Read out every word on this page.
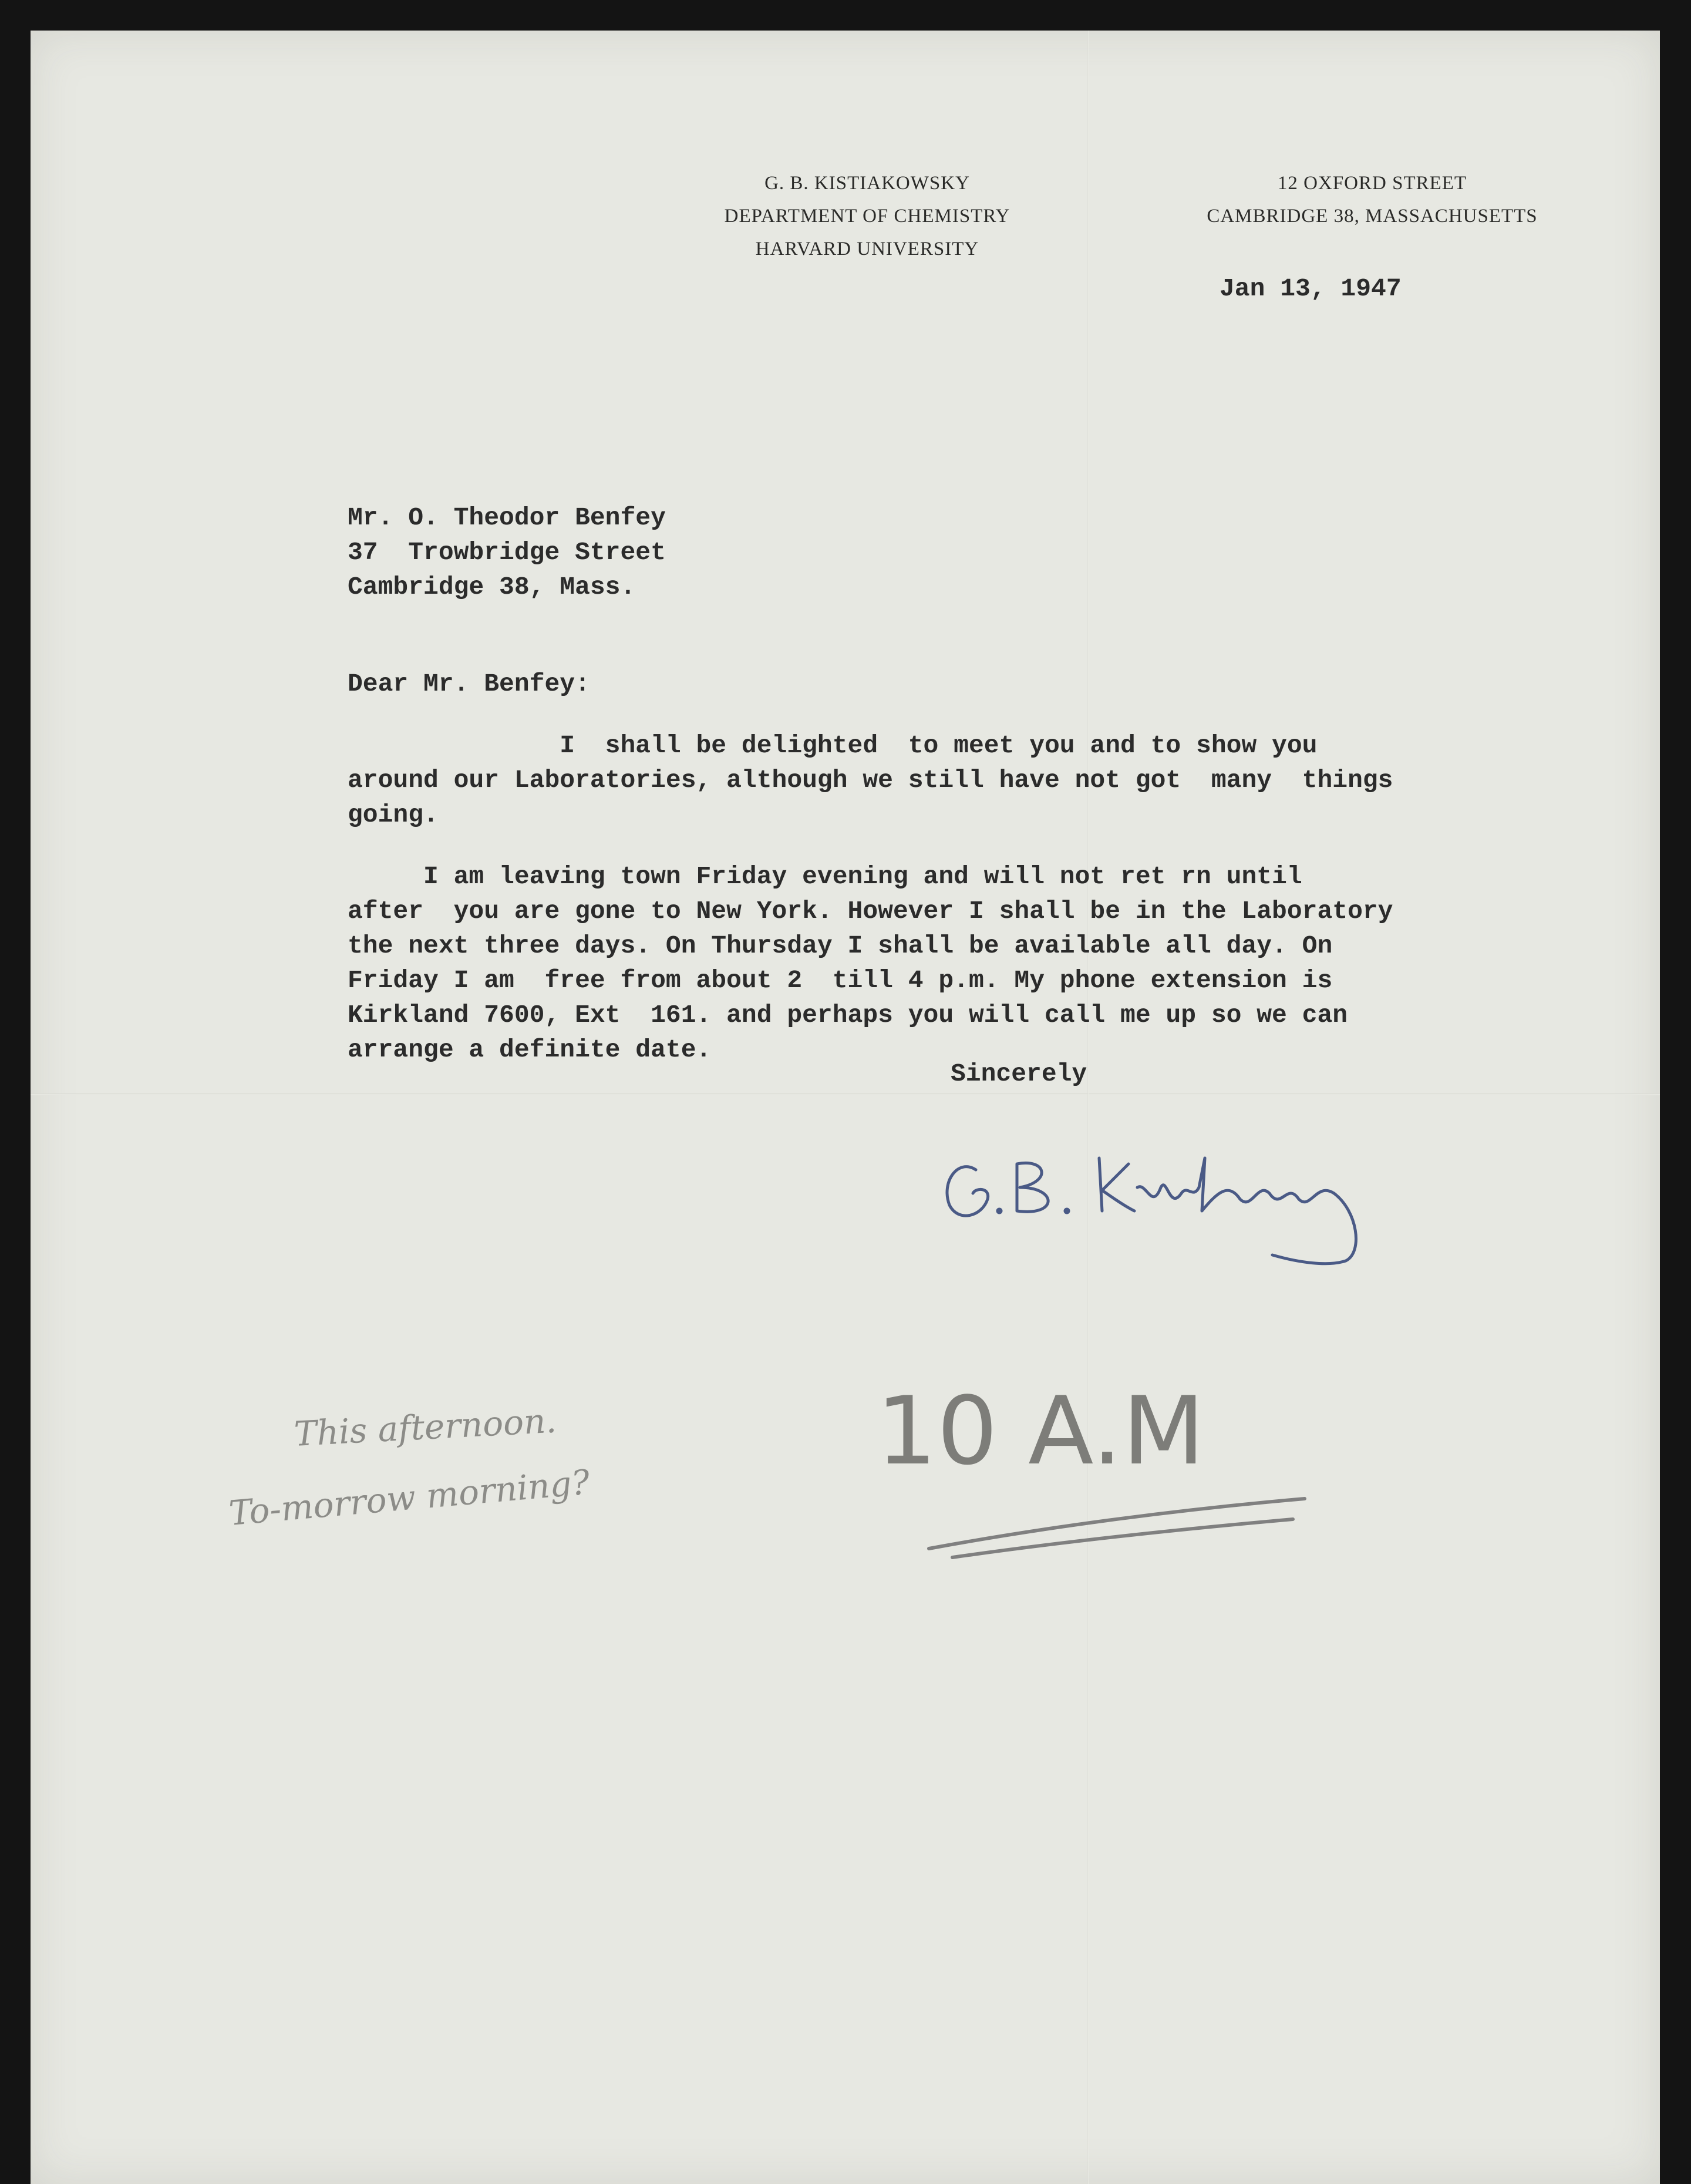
G. B. KISTIAKOWSKY
DEPARTMENT OF CHEMISTRY
HARVARD UNIVERSITY
12 OXFORD STREET
CAMBRIDGE 38, MASSACHUSETTS
Jan 13, 1947
Mr. O. Theodor Benfey
37  Trowbridge Street
Cambridge 38, Mass.
Dear Mr. Benfey:
I  shall be delighted  to meet you and to show you
around our Laboratories, although we still have not got  many  things
going.
I am leaving town Friday evening and will not ret rn until
after  you are gone to New York. However I shall be in the Laboratory
the next three days. On Thursday I shall be available all day. On
Friday I am  free from about 2  till 4 p.m. My phone extension is
Kirkland 7600, Ext  161. and perhaps you will call me up so we can
arrange a definite date.
Sincerely
This afternoon.
To-morrow morning?
10 A.M
